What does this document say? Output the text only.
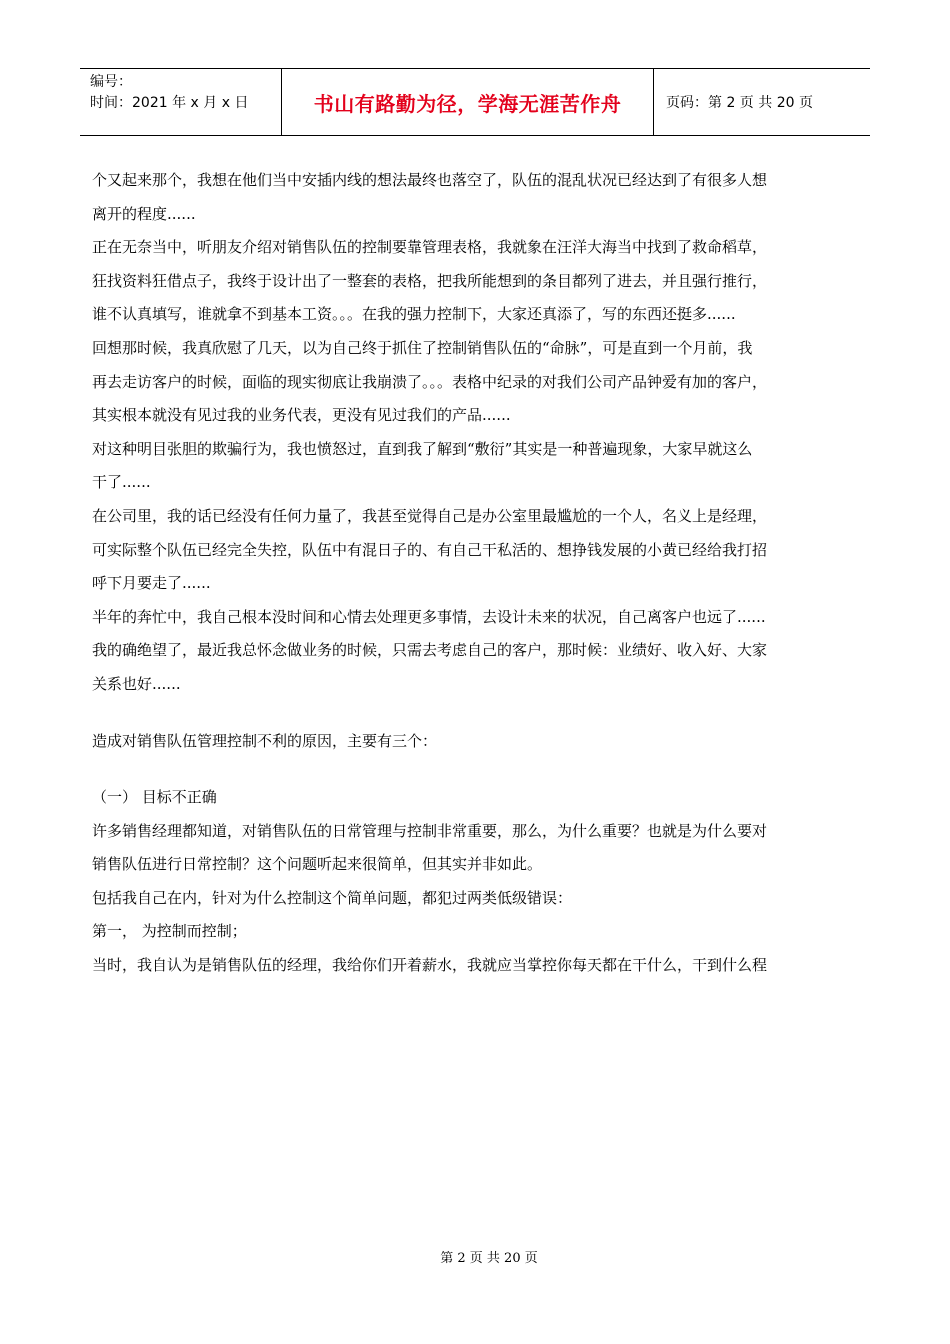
编号：
时间：2021 年 x 月 x 日	书山有路勤为径，学海无涯苦作舟	页码：第 2 页 共 20 页

个又起来那个，我想在他们当中安插内线的想法最终也落空了，队伍的混乱状况已经达到了有很多人想

离开的程度......

正在无奈当中，听朋友介绍对销售队伍的控制要靠管理表格，我就象在汪洋大海当中找到了救命稻草，

狂找资料狂借点子，我终于设计出了一整套的表格，把我所能想到的条目都列了进去，并且强行推行，

谁不认真填写，谁就拿不到基本工资。。。在我的强力控制下，大家还真添了，写的东西还挺多......

回想那时候，我真欣慰了几天，以为自己终于抓住了控制销售队伍的“命脉”，可是直到一个月前，我

再去走访客户的时候，面临的现实彻底让我崩溃了。。。表格中纪录的对我们公司产品钟爱有加的客户，

其实根本就没有见过我的业务代表，更没有见过我们的产品......

对这种明目张胆的欺骗行为，我也愤怒过，直到我了解到“敷衍”其实是一种普遍现象，大家早就这么

干了......

在公司里，我的话已经没有任何力量了，我甚至觉得自己是办公室里最尴尬的一个人，名义上是经理，

可实际整个队伍已经完全失控，队伍中有混日子的、有自己干私活的、想挣钱发展的小黄已经给我打招

呼下月要走了......

半年的奔忙中，我自己根本没时间和心情去处理更多事情，去设计未来的状况，自己离客户也远了......

我的确绝望了，最近我总怀念做业务的时候，只需去考虑自己的客户，那时候：业绩好、收入好、大家

关系也好......

造成对销售队伍管理控制不利的原因，主要有三个：

（一） 目标不正确

许多销售经理都知道，对销售队伍的日常管理与控制非常重要，那么，为什么重要？也就是为什么要对

销售队伍进行日常控制？这个问题听起来很简单，但其实并非如此。

包括我自己在内，针对为什么控制这个简单问题，都犯过两类低级错误：

第一， 为控制而控制；

当时，我自认为是销售队伍的经理，我给你们开着薪水，我就应当掌控你每天都在干什么，干到什么程

第 2 页 共 20 页
